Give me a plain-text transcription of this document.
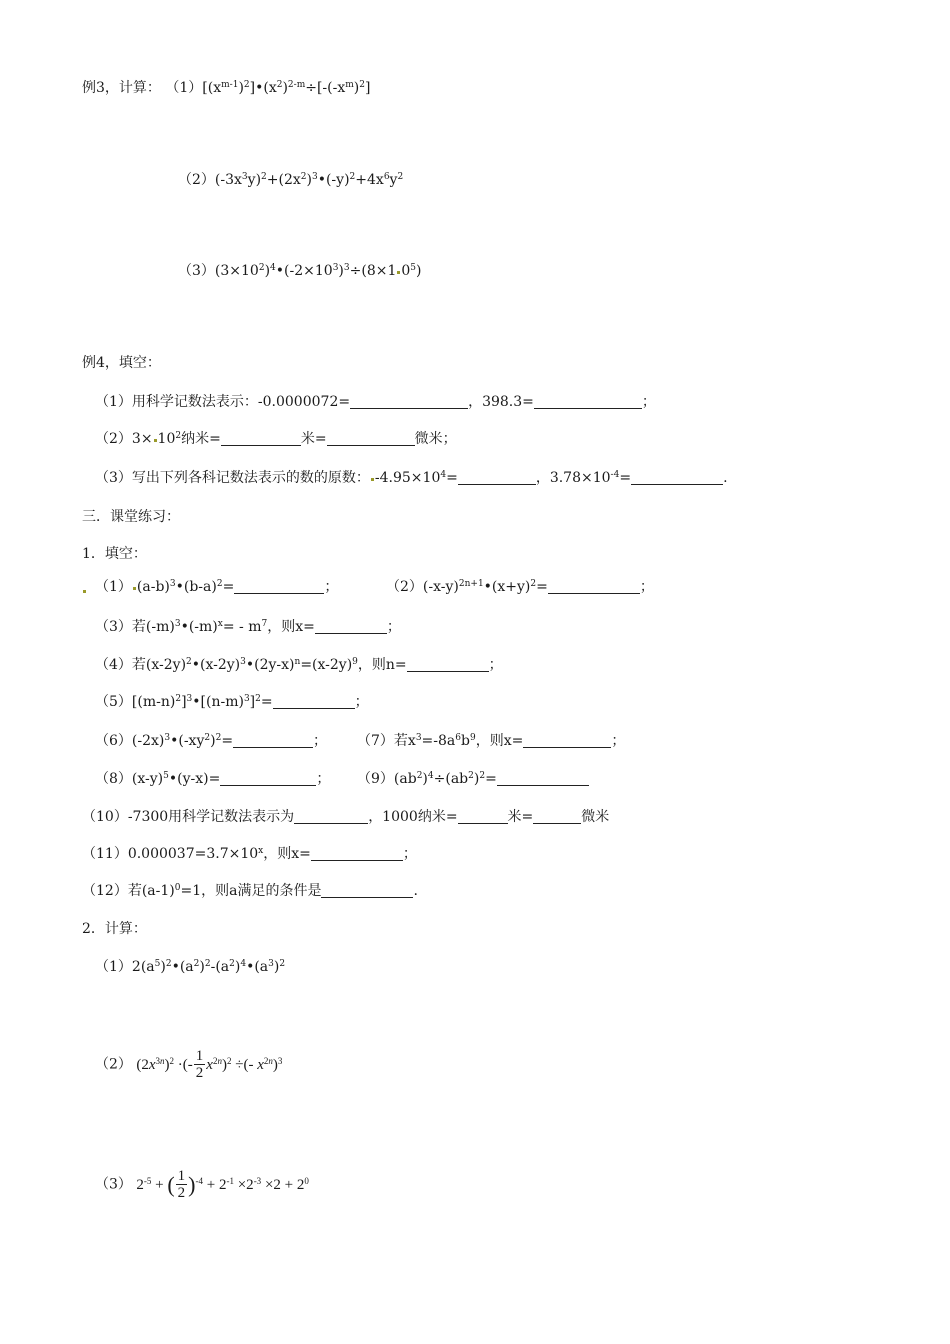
例3，计算： $(1)[(x^{m-1})^2]•(x^2)^{2-m}\div[-(-x^m)^2]$
$(2)(-3x^3y)^2+(2x^2)^3•(-y)^2+4x^6y^2$
$(3)(3\times 10^2)^4•(-2\times 10^3)^3\div(8\times 1$ $0^5$)
例4，填空：
（1）用科学记数法表示：-0.0000072=	，398.3=	；
$(2)3\times 10^2$纳米=	米=	微米；
（3）写出下列各科记数法表示的数的原数： $-4.95\times 10^4=$	，$3.78\times 10^{-4}=$	.
三．课堂练习：
1．填空：
（1） $(a-b)^3•(b-a)^2=$	；	$(2)(-x-y)^{2n+1}•(x+y)^2=$	；
（3）若$(-m)^3•(-m)^x= - m^7$，则x=	；
（4）若$(x-2y)^2•(x-2y)^3•(2y-x)^n=(x-2y)^9$，则n=	；
$(5)[(m-n)^2]^3•[(n-m)^3]^2=$	；
$(6)(-2x)^3•(-xy^2)^2=$	； （7）若$x^3=-8a^6b^9$，则x=	；
$(8)(x-y)^5•(y-x)=$	； $(9)(ab^2)^4\div(ab^2)^2=$
（10）-7300用科学记数法表示为	，1000纳米=	米=	微米
$(11)0.000037=3.7\times 10^x$，则x=	；
（12）若$(a-1)^0=1$，则a满足的条件是	.
2．计算：
$(1)2(a^5)^2•(a^2)^2-(a^2)^4•(a^3)^2$
（2） $(2x^{3n})^2$ ·(- $\frac{1}{2} x^{2n})^2$ ÷(- $x^{2n})^3$
（3） $2^{-5}$ + ( $\frac{1}{2} )^{-4} + 2^{-1} \times 2^{-3} \times 2 + 2^0$
